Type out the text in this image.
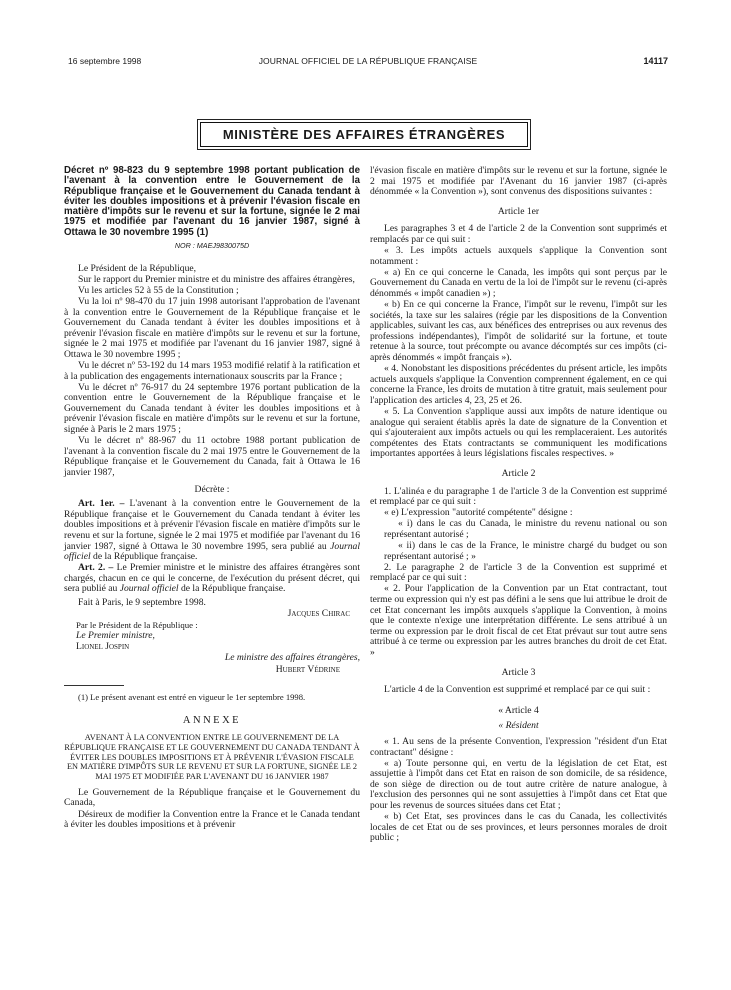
16 septembre 1998	JOURNAL OFFICIEL DE LA RÉPUBLIQUE FRANÇAISE	14117
MINISTÈRE DES AFFAIRES ÉTRANGÈRES

Décret nº 98-823 du 9 septembre 1998 portant publication de l'avenant à la convention entre le Gouvernement de la République française et le Gouvernement du Canada tendant à éviter les doubles impositions et à prévenir l'évasion fiscale en matière d'impôts sur le revenu et sur la fortune, signée le 2 mai 1975 et modifiée par l'avenant du 16 janvier 1987, signé à Ottawa le 30 novembre 1995 (1)

NOR : MAEJ9830075D

Le Président de la République,

Sur le rapport du Premier ministre et du ministre des affaires étrangères,

Vu les articles 52 à 55 de la Constitution ;

Vu la loi nº 98-470 du 17 juin 1998 autorisant l'approbation de l'avenant à la convention entre le Gouvernement de la République française et le Gouvernement du Canada tendant à éviter les doubles impositions et à prévenir l'évasion fiscale en matière d'impôts sur le revenu et sur la fortune, signée le 2 mai 1975 et modifiée par l'avenant du 16 janvier 1987, signé à Ottawa le 30 novembre 1995 ;

Vu le décret nº 53-192 du 14 mars 1953 modifié relatif à la ratification et à la publication des engagements internationaux souscrits par la France ;

Vu le décret nº 76-917 du 24 septembre 1976 portant publication de la convention entre le Gouvernement de la République française et le Gouvernement du Canada tendant à éviter les doubles impositions et à prévenir l'évasion fiscale en matière d'impôts sur le revenu et sur la fortune, signée à Paris le 2 mars 1975 ;

Vu le décret nº 88-967 du 11 octobre 1988 portant publication de l'avenant à la convention fiscale du 2 mai 1975 entre le Gouvernement de la République française et le Gouvernement du Canada, fait à Ottawa le 16 janvier 1987,

Décrète :

Art. 1er. – L'avenant à la convention entre le Gouvernement de la République française et le Gouvernement du Canada tendant à éviter les doubles impositions et à prévenir l'évasion fiscale en matière d'impôts sur le revenu et sur la fortune, signée le 2 mai 1975 et modifiée par l'avenant du 16 janvier 1987, signé à Ottawa le 30 novembre 1995, sera publié au Journal officiel de la République française.

Art. 2. – Le Premier ministre et le ministre des affaires étrangères sont chargés, chacun en ce qui le concerne, de l'exécution du présent décret, qui sera publié au Journal officiel de la République française.

Fait à Paris, le 9 septembre 1998.

Jacques Chirac

Par le Président de la République :

Le Premier ministre,

Lionel Jospin

Le ministre des affaires étrangères,

Hubert Védrine

(1) Le présent avenant est entré en vigueur le 1er septembre 1998.

ANNEXE

AVENANT À LA CONVENTION ENTRE LE GOUVERNEMENT DE LA RÉPUBLIQUE FRANÇAISE ET LE GOUVERNEMENT DU CANADA TENDANT À ÉVITER LES DOUBLES IMPOSITIONS ET À PRÉVENIR L'ÉVASION FISCALE EN MATIÈRE D'IMPÔTS SUR LE REVENU ET SUR LA FORTUNE, SIGNÉE LE 2 MAI 1975 ET MODIFIÉE PAR L'AVENANT DU 16 JANVIER 1987

Le Gouvernement de la République française et le Gouvernement du Canada,

Désireux de modifier la Convention entre la France et le Canada tendant à éviter les doubles impositions et à prévenir

l'évasion fiscale en matière d'impôts sur le revenu et sur la fortune, signée le 2 mai 1975 et modifiée par l'Avenant du 16 janvier 1987 (ci-après dénommée « la Convention »), sont convenus des dispositions suivantes :

Article 1er

Les paragraphes 3 et 4 de l'article 2 de la Convention sont supprimés et remplacés par ce qui suit :

« 3. Les impôts actuels auxquels s'applique la Convention sont notamment :

« a) En ce qui concerne le Canada, les impôts qui sont perçus par le Gouvernement du Canada en vertu de la loi de l'impôt sur le revenu (ci-après dénommés « impôt canadien ») ;

« b) En ce qui concerne la France, l'impôt sur le revenu, l'impôt sur les sociétés, la taxe sur les salaires (régie par les dispositions de la Convention applicables, suivant les cas, aux bénéfices des entreprises ou aux revenus des professions indépendantes), l'impôt de solidarité sur la fortune, et toute retenue à la source, tout précompte ou avance décomptés sur ces impôts (ci-après dénommés « impôt français »).

« 4. Nonobstant les dispositions précédentes du présent article, les impôts actuels auxquels s'applique la Convention comprennent également, en ce qui concerne la France, les droits de mutation à titre gratuit, mais seulement pour l'application des articles 4, 23, 25 et 26.

« 5. La Convention s'applique aussi aux impôts de nature identique ou analogue qui seraient établis après la date de signature de la Convention et qui s'ajouteraient aux impôts actuels ou qui les remplaceraient. Les autorités compétentes des Etats contractants se communiquent les modifications importantes apportées à leurs législations fiscales respectives. »

Article 2

1. L'alinéa e du paragraphe 1 de l'article 3 de la Convention est supprimé et remplacé par ce qui suit :

« e) L'expression "autorité compétente" désigne :

« i) dans le cas du Canada, le ministre du revenu national ou son représentant autorisé ;

« ii) dans le cas de la France, le ministre chargé du budget ou son représentant autorisé ; »

2. Le paragraphe 2 de l'article 3 de la Convention est supprimé et remplacé par ce qui suit :

« 2. Pour l'application de la Convention par un Etat contractant, tout terme ou expression qui n'y est pas défini a le sens que lui attribue le droit de cet Etat concernant les impôts auxquels s'applique la Convention, à moins que le contexte n'exige une interprétation différente. Le sens attribué à un terme ou expression par le droit fiscal de cet Etat prévaut sur tout autre sens attribué à ce terme ou expression par les autres branches du droit de cet Etat. »

Article 3

L'article 4 de la Convention est supprimé et remplacé par ce qui suit :

« Article 4

« Résident

« 1. Au sens de la présente Convention, l'expression "résident d'un Etat contractant" désigne :

« a) Toute personne qui, en vertu de la législation de cet Etat, est assujettie à l'impôt dans cet Etat en raison de son domicile, de sa résidence, de son siège de direction ou de tout autre critère de nature analogue, à l'exclusion des personnes qui ne sont assujetties à l'impôt dans cet Etat que pour les revenus de sources situées dans cet Etat ;

« b) Cet Etat, ses provinces dans le cas du Canada, les collectivités locales de cet Etat ou de ses provinces, et leurs personnes morales de droit public ;
